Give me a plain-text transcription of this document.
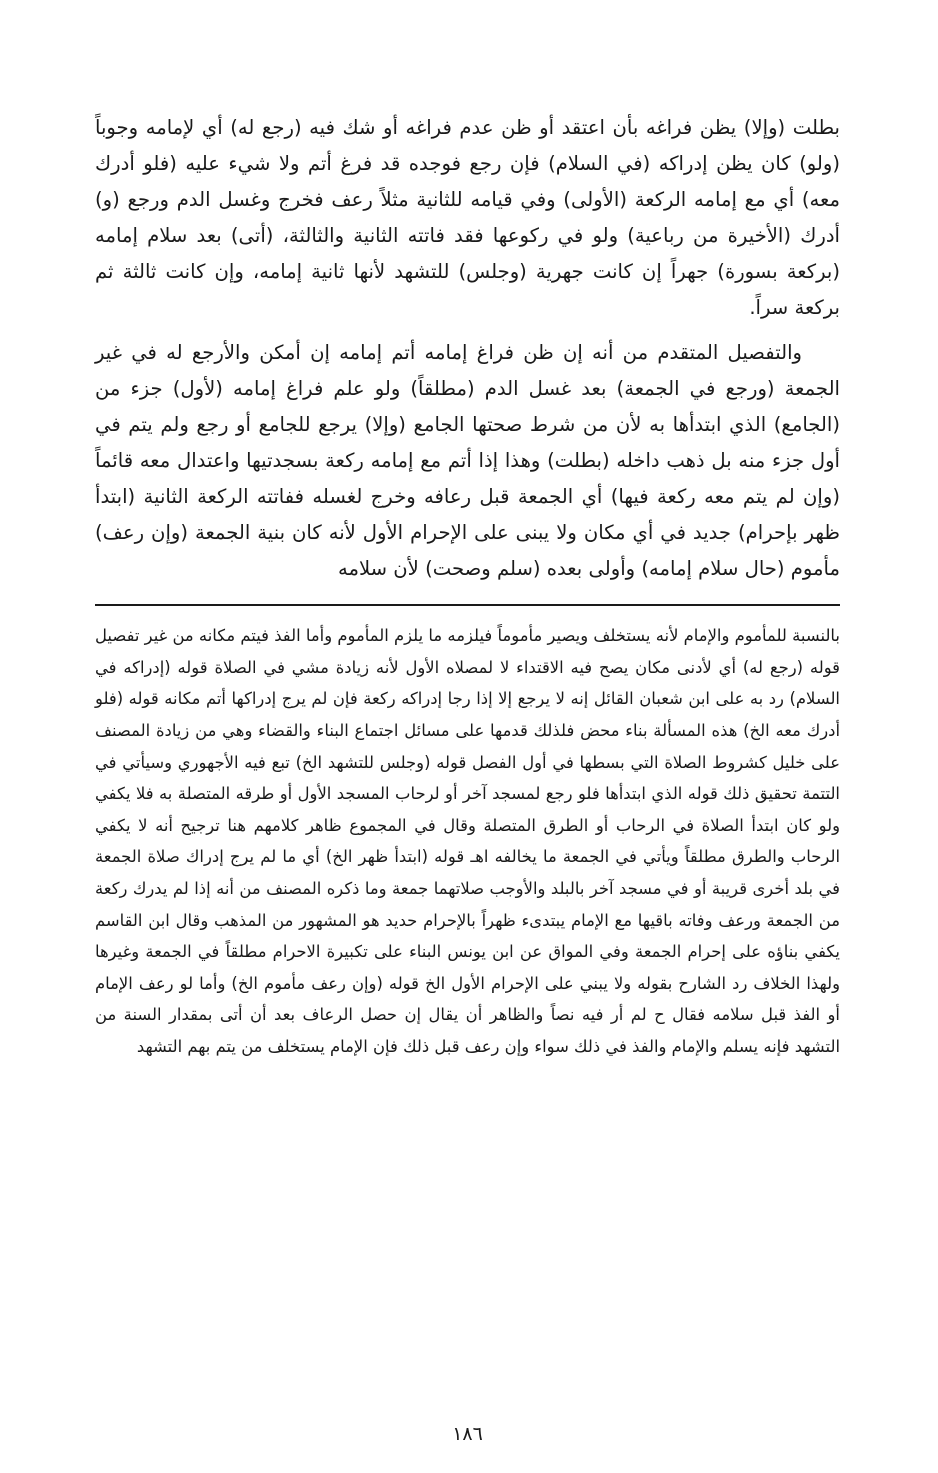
بطلت (وإلا) يظن فراغه بأن اعتقد أو ظن عدم فراغه أو شك فيه (رجع له) أي لإمامه وجوباً (ولو) كان يظن إدراكه (في السلام) فإن رجع فوجده قد فرغ أتم ولا شيء عليه (فلو أدرك معه) أي مع إمامه الركعة (الأولى) وفي قيامه للثانية مثلاً رعف فخرج وغسل الدم ورجع (و) أدرك (الأخيرة من رباعية) ولو في ركوعها فقد فاتته الثانية والثالثة، (أتى) بعد سلام إمامه (بركعة بسورة) جهراً إن كانت جهرية (وجلس) للتشهد لأنها ثانية إمامه، وإن كانت ثالثة ثم بركعة سراً.

والتفصيل المتقدم من أنه إن ظن فراغ إمامه أتم إمامه إن أمكن والأرجع له في غير الجمعة (ورجع في الجمعة) بعد غسل الدم (مطلقاً) ولو علم فراغ إمامه (لأول) جزء من (الجامع) الذي ابتدأها به لأن من شرط صحتها الجامع (وإلا) يرجع للجامع أو رجع ولم يتم في أول جزء منه بل ذهب داخله (بطلت) وهذا إذا أتم مع إمامه ركعة بسجدتيها واعتدال معه قائماً (وإن لم يتم معه ركعة فيها) أي الجمعة قبل رعافه وخرج لغسله ففاتته الركعة الثانية (ابتدأ ظهر بإحرام) جديد في أي مكان ولا يبنى على الإحرام الأول لأنه كان بنية الجمعة (وإن رعف) مأموم (حال سلام إمامه) وأولى بعده (سلم وصحت) لأن سلامه

بالنسبة للمأموم والإمام لأنه يستخلف ويصير مأموماً فيلزمه ما يلزم المأموم وأما الفذ فيتم مكانه من غير تفصيل قوله (رجع له) أي لأدنى مكان يصح فيه الاقتداء لا لمصلاه الأول لأنه زيادة مشي في الصلاة قوله (إدراكه في السلام) رد به على ابن شعبان القائل إنه لا يرجع إلا إذا رجا إدراكه ركعة فإن لم يرج إدراكها أتم مكانه قوله (فلو أدرك معه الخ) هذه المسألة بناء محض فلذلك قدمها على مسائل اجتماع البناء والقضاء وهي من زيادة المصنف على خليل كشروط الصلاة التي بسطها في أول الفصل قوله (وجلس للتشهد الخ) تبع فيه الأجهوري وسيأتي في التتمة تحقيق ذلك قوله الذي ابتدأها فلو رجع لمسجد آخر أو لرحاب المسجد الأول أو طرقه المتصلة به فلا يكفي ولو كان ابتدأ الصلاة في الرحاب أو الطرق المتصلة وقال في المجموع ظاهر كلامهم هنا ترجيح أنه لا يكفي الرحاب والطرق مطلقاً ويأتي في الجمعة ما يخالفه اهـ قوله (ابتدأ ظهر الخ) أي ما لم يرج إدراك صلاة الجمعة في بلد أخرى قريبة أو في مسجد آخر بالبلد والأوجب صلاتهما جمعة وما ذكره المصنف من أنه إذا لم يدرك ركعة من الجمعة ورعف وفاته باقيها مع الإمام يبتدىء ظهراً بالإحرام حديد هو المشهور من المذهب وقال ابن القاسم يكفي بناؤه على إحرام الجمعة وفي المواق عن ابن يونس البناء على تكبيرة الاحرام مطلقاً في الجمعة وغيرها ولهذا الخلاف رد الشارح بقوله ولا يبني على الإحرام الأول الخ قوله (وإن رعف مأموم الخ) وأما لو رعف الإمام أو الفذ قبل سلامه فقال ح لم أر فيه نصاً والظاهر أن يقال إن حصل الرعاف بعد أن أتى بمقدار السنة من التشهد فإنه يسلم والإمام والفذ في ذلك سواء وإن رعف قبل ذلك فإن الإمام يستخلف من يتم بهم التشهد

١٨٦
